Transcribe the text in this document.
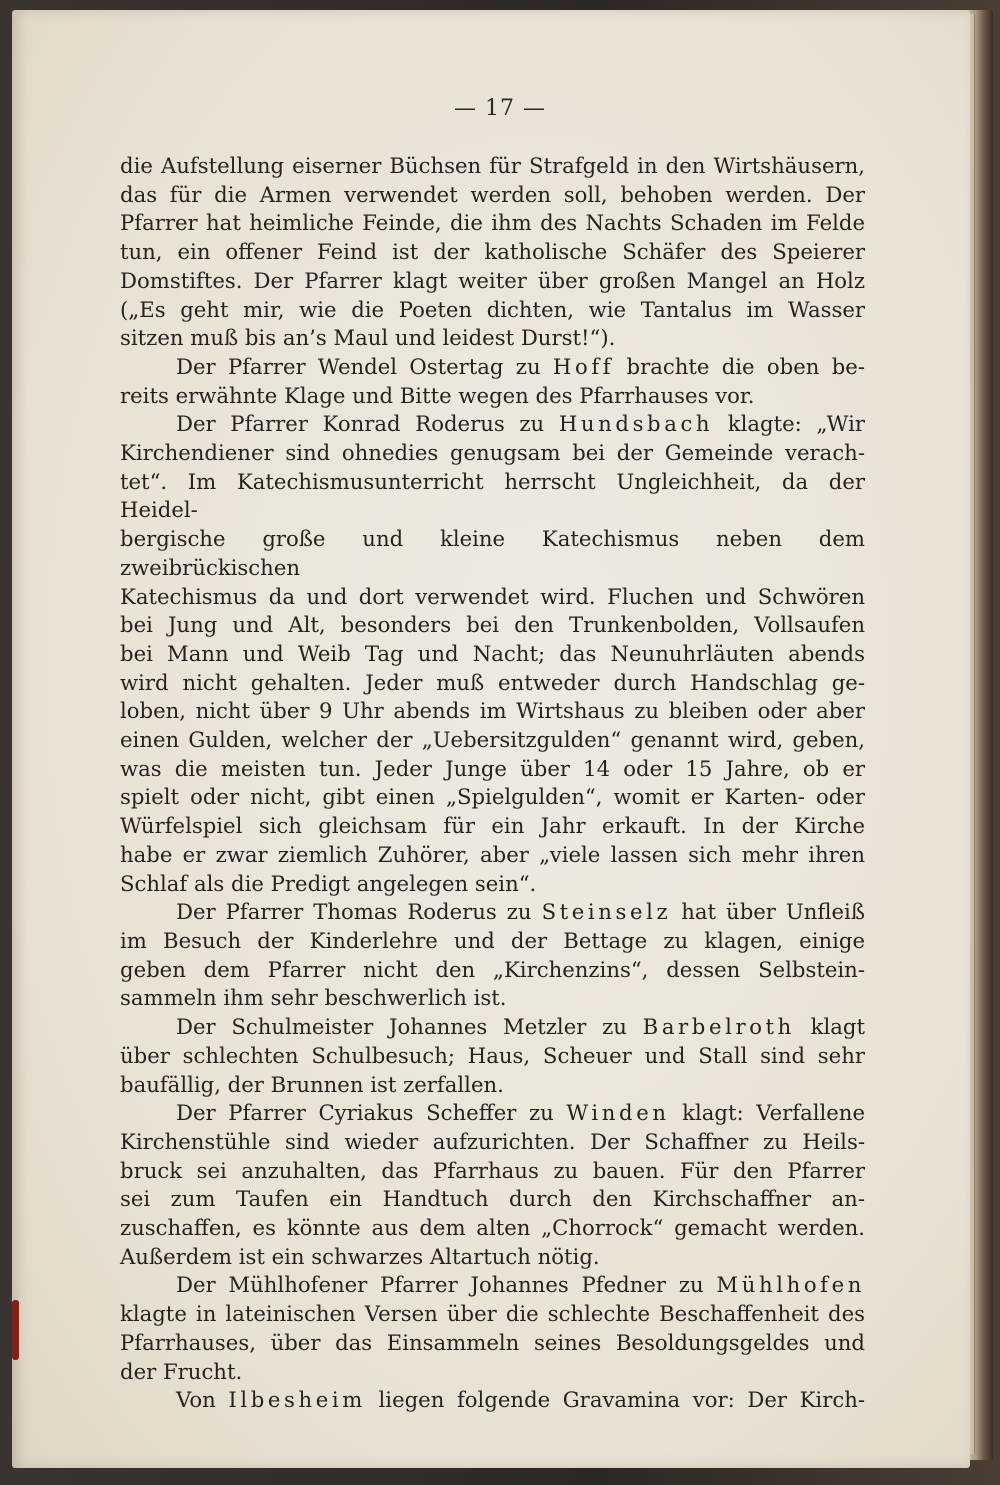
— 17 —

die Aufstellung eiserner Büchsen für Strafgeld in den Wirtshäusern,

das für die Armen verwendet werden soll, behoben werden. Der

Pfarrer hat heimliche Feinde, die ihm des Nachts Schaden im Felde

tun, ein offener Feind ist der katholische Schäfer des Speierer

Domstiftes. Der Pfarrer klagt weiter über großen Mangel an Holz

(„Es geht mir, wie die Poeten dichten, wie Tantalus im Wasser

sitzen muß bis an’s Maul und leidest Durst!“).

Der Pfarrer Wendel Ostertag zu Hoff brachte die oben be-

reits erwähnte Klage und Bitte wegen des Pfarrhauses vor.

Der Pfarrer Konrad Roderus zu Hundsbach klagte: „Wir

Kirchendiener sind ohnedies genugsam bei der Gemeinde verach-

tet“. Im Katechismusunterricht herrscht Ungleichheit, da der Heidel-

bergische große und kleine Katechismus neben dem zweibrückischen

Katechismus da und dort verwendet wird. Fluchen und Schwören

bei Jung und Alt, besonders bei den Trunkenbolden, Vollsaufen

bei Mann und Weib Tag und Nacht; das Neunuhrläuten abends

wird nicht gehalten. Jeder muß entweder durch Handschlag ge-

loben, nicht über 9 Uhr abends im Wirtshaus zu bleiben oder aber

einen Gulden, welcher der „Uebersitzgulden“ genannt wird, geben,

was die meisten tun. Jeder Junge über 14 oder 15 Jahre, ob er

spielt oder nicht, gibt einen „Spielgulden“, womit er Karten- oder

Würfelspiel sich gleichsam für ein Jahr erkauft. In der Kirche

habe er zwar ziemlich Zuhörer, aber „viele lassen sich mehr ihren

Schlaf als die Predigt angelegen sein“.

Der Pfarrer Thomas Roderus zu Steinselz hat über Unfleiß

im Besuch der Kinderlehre und der Bettage zu klagen, einige

geben dem Pfarrer nicht den „Kirchenzins“, dessen Selbstein-

sammeln ihm sehr beschwerlich ist.

Der Schulmeister Johannes Metzler zu Barbelroth klagt

über schlechten Schulbesuch; Haus, Scheuer und Stall sind sehr

baufällig, der Brunnen ist zerfallen.

Der Pfarrer Cyriakus Scheffer zu Winden klagt: Verfallene

Kirchenstühle sind wieder aufzurichten. Der Schaffner zu Heils-

bruck sei anzuhalten, das Pfarrhaus zu bauen. Für den Pfarrer

sei zum Taufen ein Handtuch durch den Kirchschaffner an-

zuschaffen, es könnte aus dem alten „Chorrock“ gemacht werden.

Außerdem ist ein schwarzes Altartuch nötig.

Der Mühlhofener Pfarrer Johannes Pfedner zu Mühlhofen

klagte in lateinischen Versen über die schlechte Beschaffenheit des

Pfarrhauses, über das Einsammeln seines Besoldungsgeldes und

der Frucht.

Von Ilbesheim liegen folgende Gravamina vor: Der Kirch-
